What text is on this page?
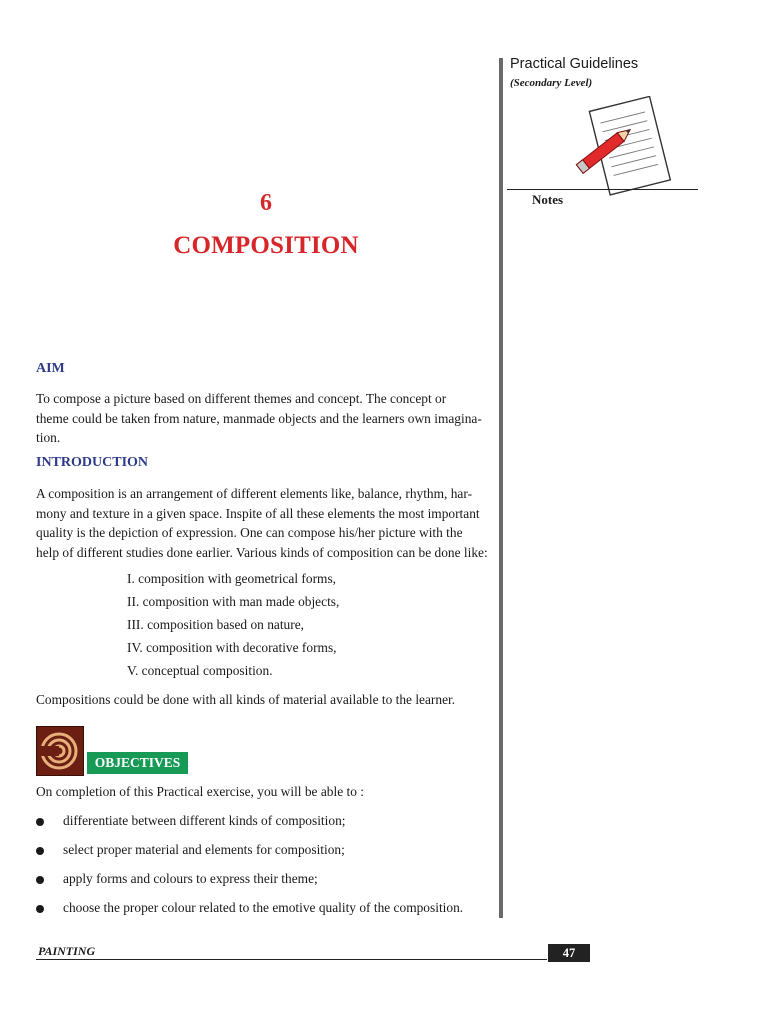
Practical Guidelines
(Secondary Level)
Notes
6
COMPOSITION
AIM
To compose a picture based on different themes and concept. The concept or
theme could be taken from nature, manmade objects and the learners own imagina-
tion.
INTRODUCTION
A composition is an arrangement of different elements like, balance, rhythm, har-
mony and texture in a given space. Inspite of all these elements the most important
quality is the depiction of expression. One can compose his/her picture with the
help of different studies done earlier. Various kinds of composition can be done like:
I. composition with geometrical forms,
II. composition with man made objects,
III. composition based on nature,
IV. composition with decorative forms,
V. conceptual composition.
Compositions could be done with all kinds of material available to the learner.
OBJECTIVES
On completion of this Practical exercise, you will be able to :
differentiate between different kinds of composition;
select proper material and elements for composition;
apply forms and colours to express their theme;
choose the proper colour related to the emotive quality of the composition.
PAINTING	47
